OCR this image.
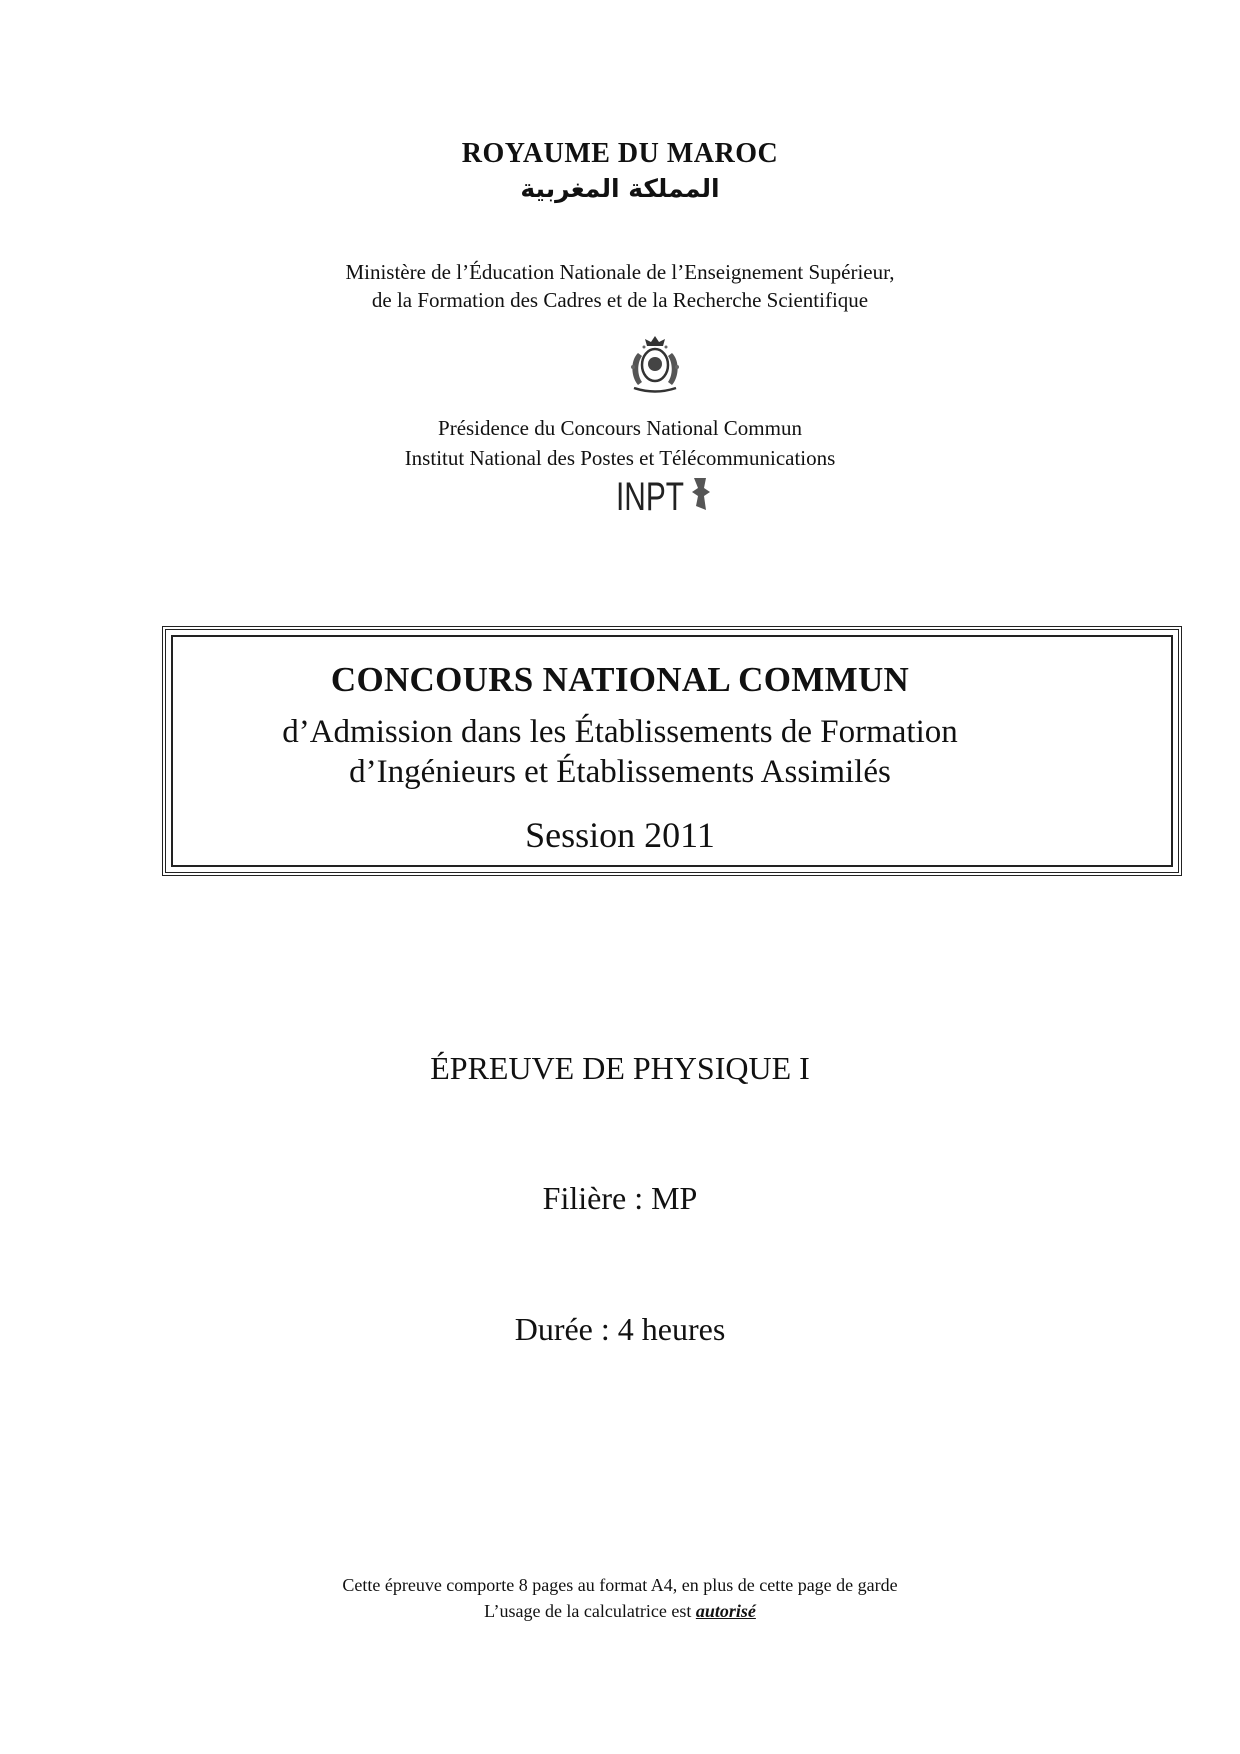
ROYAUME DU MAROC
المملكة المغربية
Ministère de l’Éducation Nationale de l’Enseignement Supérieur,
de la Formation des Cadres et de la Recherche Scientifique
Présidence du Concours National Commun
Institut National des Postes et Télécommunications
INPT
CONCOURS NATIONAL COMMUN
d’Admission dans les Établissements de Formation
d’Ingénieurs et Établissements Assimilés
Session 2011
ÉPREUVE DE PHYSIQUE I
Filière : MP
Durée : 4 heures
Cette épreuve comporte 8 pages au format A4, en plus de cette page de garde
L’usage de la calculatrice est autorisé
